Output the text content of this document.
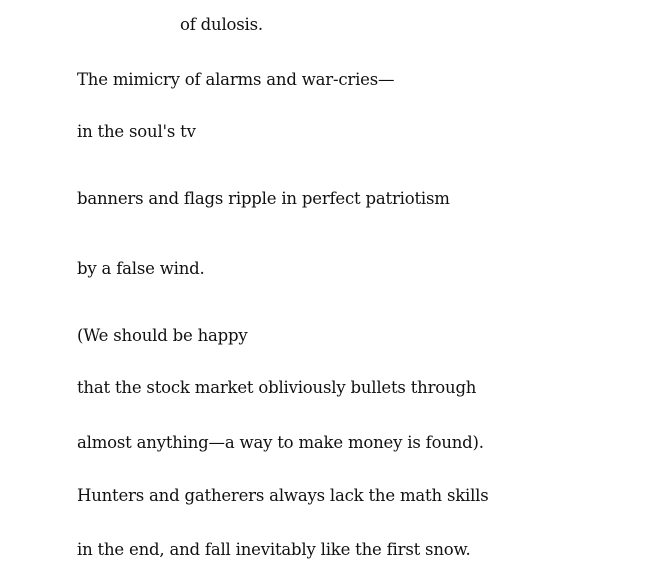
of dulosis.

The mimicry of alarms and war-cries—

in the soul's tv

banners and flags ripple in perfect patriotism

by a false wind.

(We should be happy

that the stock market obliviously bullets through

almost anything—a way to make money is found).

Hunters and gatherers always lack the math skills

in the end, and fall inevitably like the first snow.
